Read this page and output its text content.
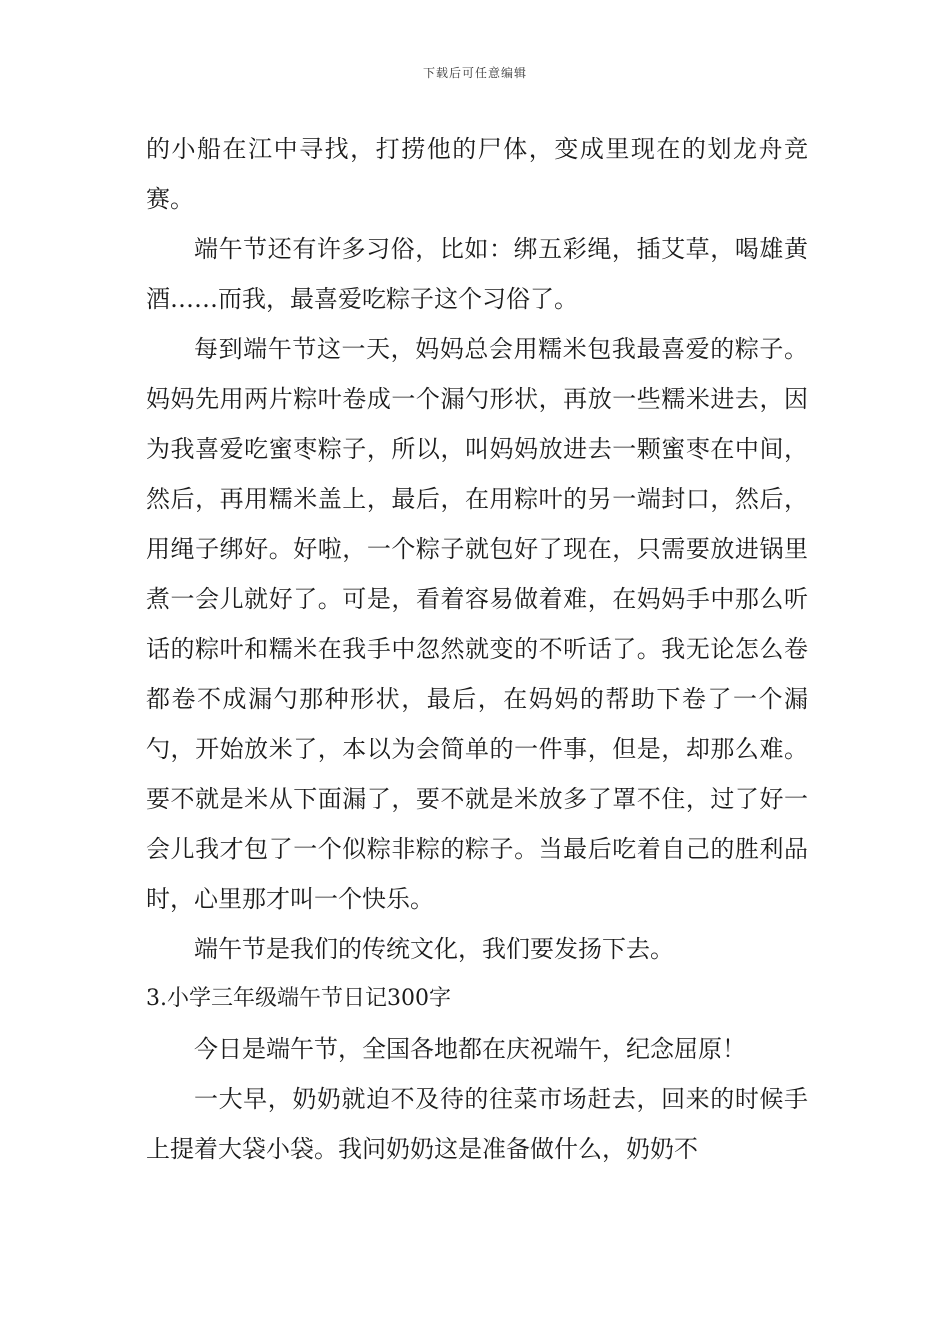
下载后可任意编辑

的小船在江中寻找，打捞他的尸体，变成里现在的划龙舟竞赛。

端午节还有许多习俗，比如：绑五彩绳，插艾草，喝雄黄酒……而我，最喜爱吃粽子这个习俗了。

每到端午节这一天，妈妈总会用糯米包我最喜爱的粽子。妈妈先用两片粽叶卷成一个漏勺形状，再放一些糯米进去，因为我喜爱吃蜜枣粽子，所以，叫妈妈放进去一颗蜜枣在中间，然后，再用糯米盖上，最后，在用粽叶的另一端封口，然后，用绳子绑好。好啦，一个粽子就包好了现在，只需要放进锅里煮一会儿就好了。可是，看着容易做着难，在妈妈手中那么听话的粽叶和糯米在我手中忽然就变的不听话了。我无论怎么卷都卷不成漏勺那种形状，最后，在妈妈的帮助下卷了一个漏勺，开始放米了，本以为会简单的一件事，但是，却那么难。要不就是米从下面漏了，要不就是米放多了罩不住，过了好一会儿我才包了一个似粽非粽的粽子。当最后吃着自己的胜利品时，心里那才叫一个快乐。

端午节是我们的传统文化，我们要发扬下去。

3.小学三年级端午节日记300字

今日是端午节，全国各地都在庆祝端午，纪念屈原！

一大早，奶奶就迫不及待的往菜市场赶去，回来的时候手上提着大袋小袋。我问奶奶这是准备做什么，奶奶不
